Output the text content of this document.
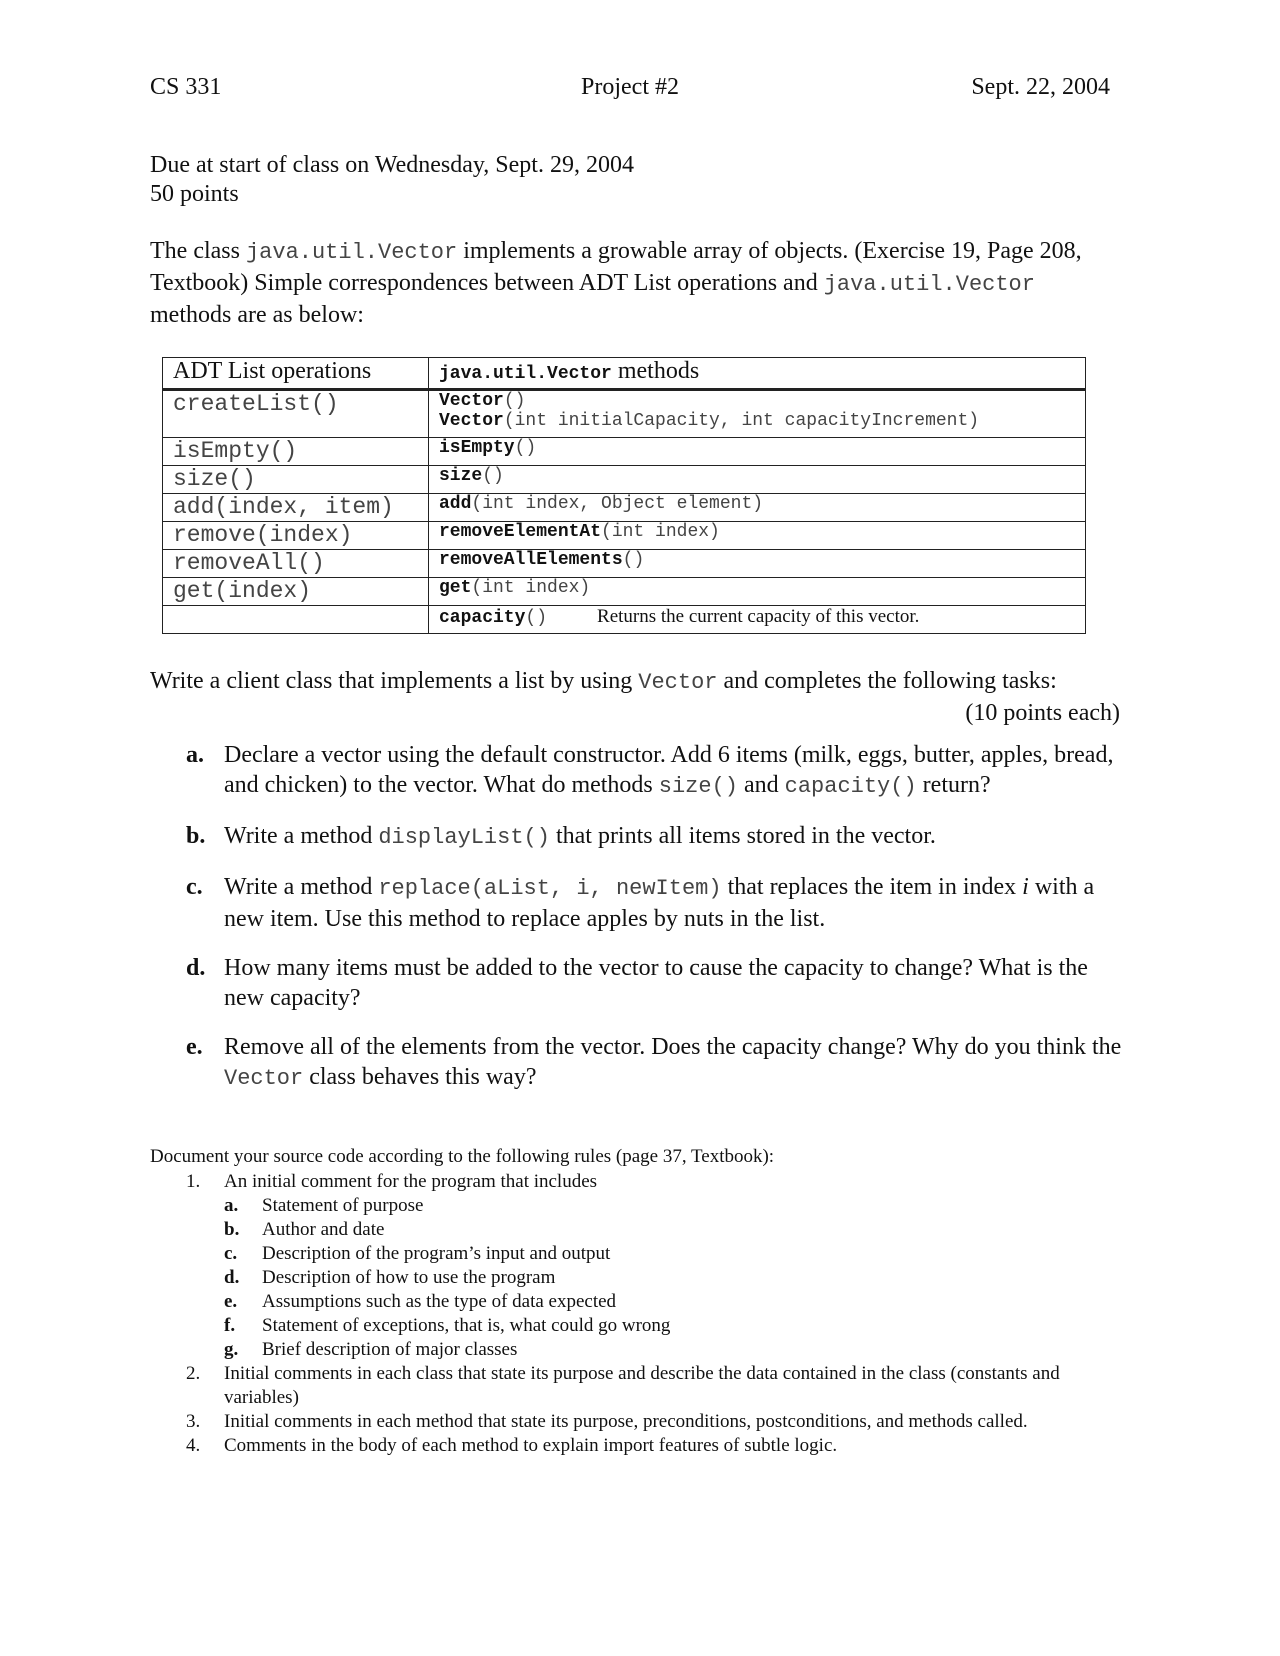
CS 331	Project #2	Sept. 22, 2004
Due at start of class on Wednesday, Sept. 29, 2004
50 points
The class java.util.Vector implements a growable array of objects. (Exercise 19, Page 208, Textbook) Simple correspondences between ADT List operations and java.util.Vector methods are as below:
ADT List operations	java.util.Vector methods
createList()	Vector()
Vector(int initialCapacity, int capacityIncrement)

isEmpty()	isEmpty()
size()	size()
add(index, item)	add(int index, Object element)
remove(index)	removeElementAt(int index)
removeAll()	removeAllElements()
get(index)	get(int index)
	capacity() Returns the current capacity of this vector.
Write a client class that implements a list by using Vector and completes the following tasks:
(10 points each)
a. Declare a vector using the default constructor. Add 6 items (milk, eggs, butter, apples, bread, and chicken) to the vector. What do methods size() and capacity() return?
b. Write a method displayList() that prints all items stored in the vector.
c. Write a method replace(aList, i, newItem) that replaces the item in index i with a new item. Use this method to replace apples by nuts in the list.
d. How many items must be added to the vector to cause the capacity to change? What is the new capacity?
e. Remove all of the elements from the vector. Does the capacity change? Why do you think the Vector class behaves this way?
Document your source code according to the following rules (page 37, Textbook):
1. An initial comment for the program that includes
a. Statement of purpose
b. Author and date
c. Description of the program’s input and output
d. Description of how to use the program
e. Assumptions such as the type of data expected
f. Statement of exceptions, that is, what could go wrong
g. Brief description of major classes
2. Initial comments in each class that state its purpose and describe the data contained in the class (constants and variables)
3. Initial comments in each method that state its purpose, preconditions, postconditions, and methods called.
4. Comments in the body of each method to explain import features of subtle logic.
